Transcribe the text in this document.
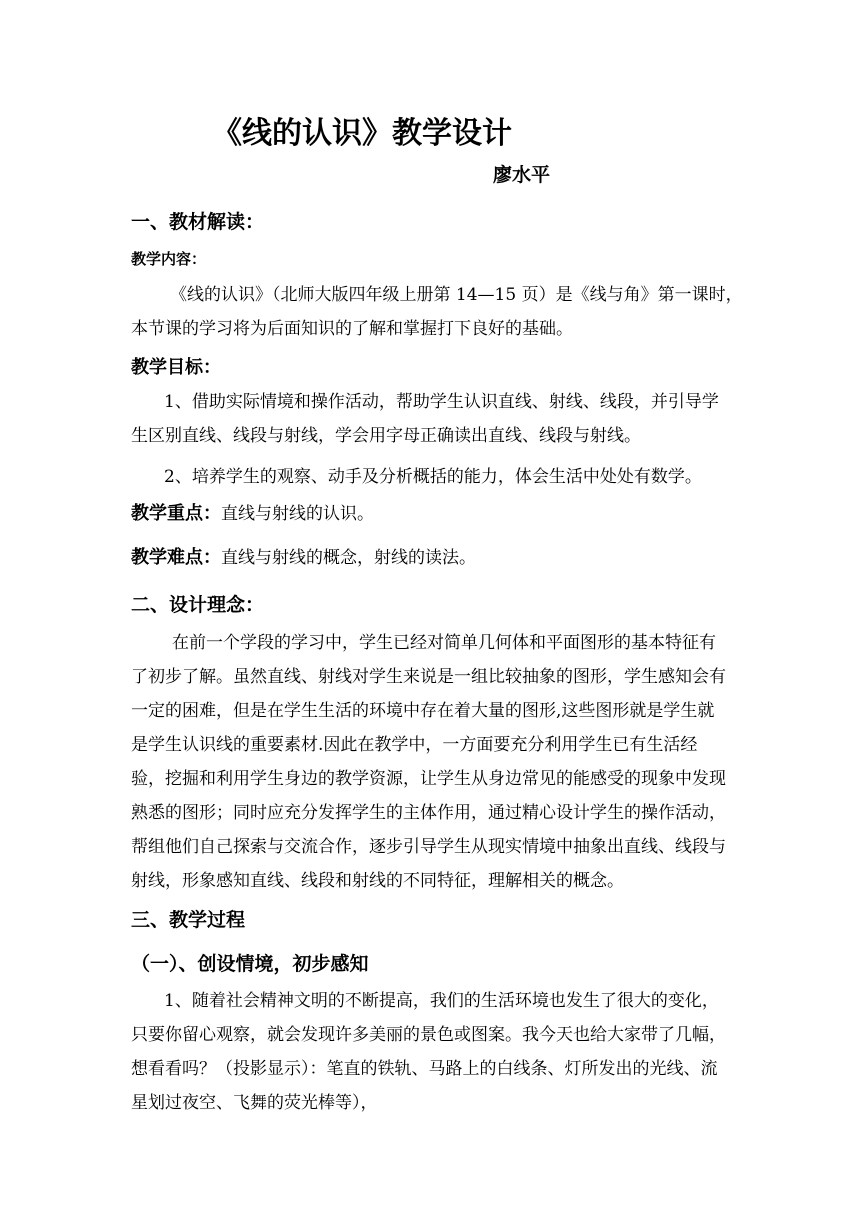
《线的认识》教学设计
廖水平
一、教材解读：
教学内容：
《线的认识》（北师大版四年级上册第 14—15 页）是《线与角》第一课时，
本节课的学习将为后面知识的了解和掌握打下良好的基础。
教学目标：
1、借助实际情境和操作活动，帮助学生认识直线、射线、线段，并引导学
生区别直线、线段与射线，学会用字母正确读出直线、线段与射线。
2、培养学生的观察、动手及分析概括的能力，体会生活中处处有数学。
教学重点：直线与射线的认识。
教学难点：直线与射线的概念，射线的读法。
二、设计理念：
在前一个学段的学习中，学生已经对简单几何体和平面图形的基本特征有
了初步了解。虽然直线、射线对学生来说是一组比较抽象的图形，学生感知会有
一定的困难，但是在学生生活的环境中存在着大量的图形,这些图形就是学生就
是学生认识线的重要素材.因此在教学中，一方面要充分利用学生已有生活经
验，挖掘和利用学生身边的教学资源，让学生从身边常见的能感受的现象中发现
熟悉的图形；同时应充分发挥学生的主体作用，通过精心设计学生的操作活动，
帮组他们自己探索与交流合作，逐步引导学生从现实情境中抽象出直线、线段与
射线，形象感知直线、线段和射线的不同特征，理解相关的概念。
三、教学过程
（一）、创设情境，初步感知
1、随着社会精神文明的不断提高，我们的生活环境也发生了很大的变化，
只要你留心观察，就会发现许多美丽的景色或图案。我今天也给大家带了几幅，
想看看吗？（投影显示）：笔直的铁轨、马路上的白线条、灯所发出的光线、流
星划过夜空、飞舞的荧光棒等），
